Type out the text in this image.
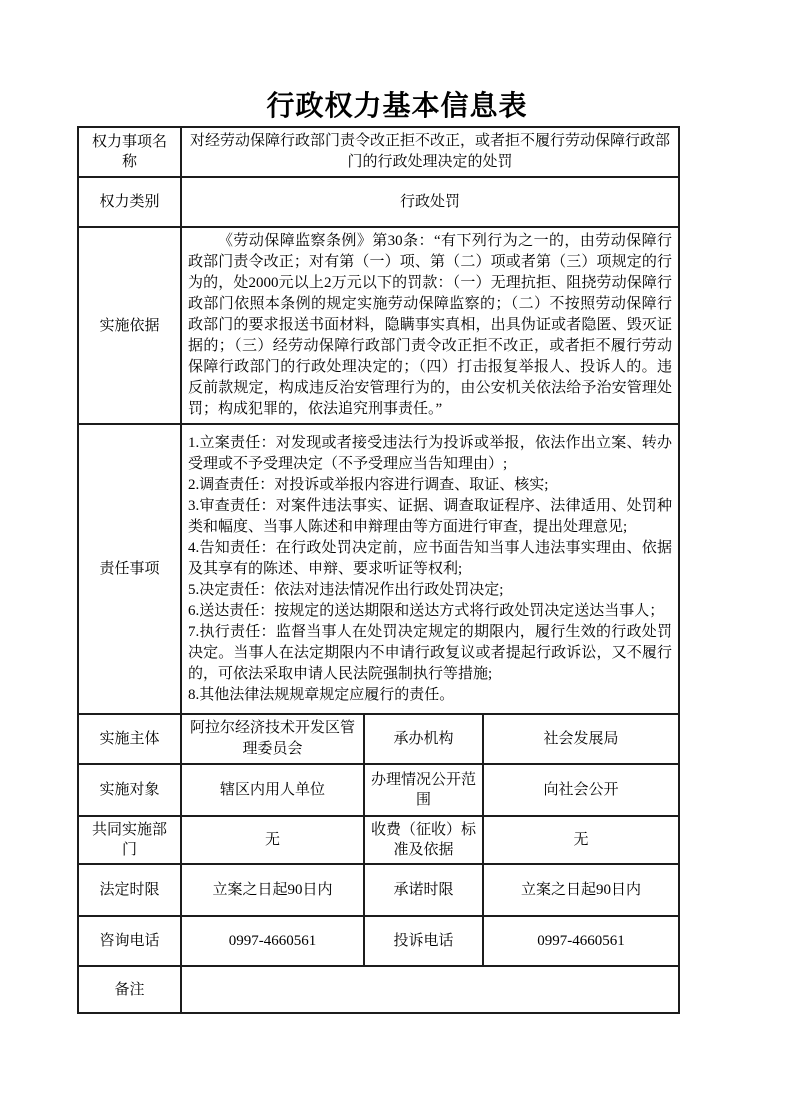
行政权力基本信息表
权力事项名称	对经劳动保障行政部门责令改正拒不改正，或者拒不履行劳动保障行政部门的行政处理决定的处罚		
权力类别	行政处罚		
实施依据	《劳动保障监察条例》第30条：“有下列行为之一的，由劳动保障行政部门责令改正；对有第（一）项、第（二）项或者第（三）项规定的行为的，处2000元以上2万元以下的罚款：（一）无理抗拒、阻挠劳动保障行政部门依照本条例的规定实施劳动保障监察的；（二）不按照劳动保障行政部门的要求报送书面材料，隐瞒事实真相，出具伪证或者隐匿、毁灭证据的；（三）经劳动保障行政部门责令改正拒不改正，或者拒不履行劳动保障行政部门的行政处理决定的；（四）打击报复举报人、投诉人的。违反前款规定，构成违反治安管理行为的，由公安机关依法给予治安管理处罚；构成犯罪的，依法追究刑事责任。”		

责任事项	
1.立案责任：对发现或者接受违法行为投诉或举报，依法作出立案、转办受理或不予受理决定（不予受理应当告知理由）;
2.调查责任：对投诉或举报内容进行调查、取证、核实;
3.审查责任：对案件违法事实、证据、调查取证程序、法律适用、处罚种类和幅度、当事人陈述和申辩理由等方面进行审查，提出处理意见;
4.告知责任：在行政处罚决定前，应书面告知当事人违法事实理由、依据及其享有的陈述、申辩、要求听证等权利;
5.决定责任：依法对违法情况作出行政处罚决定;
6.送达责任：按规定的送达期限和送达方式将行政处罚决定送达当事人；
7.执行责任：监督当事人在处罚决定规定的期限内，履行生效的行政处罚决定。当事人在法定期限内不申请行政复议或者提起行政诉讼，又不履行的，可依法采取申请人民法院强制执行等措施;
8.其他法律法规规章规定应履行的责任。

实施主体	阿拉尔经济技术开发区管理委员会	承办机构	社会发展局
实施对象	辖区内用人单位	办理情况公开范围	向社会公开
共同实施部门	无	收费（征收）标准及依据	无
法定时限	立案之日起90日内	承诺时限	立案之日起90日内
咨询电话	0997-4660561	投诉电话	0997-4660561
备注			
